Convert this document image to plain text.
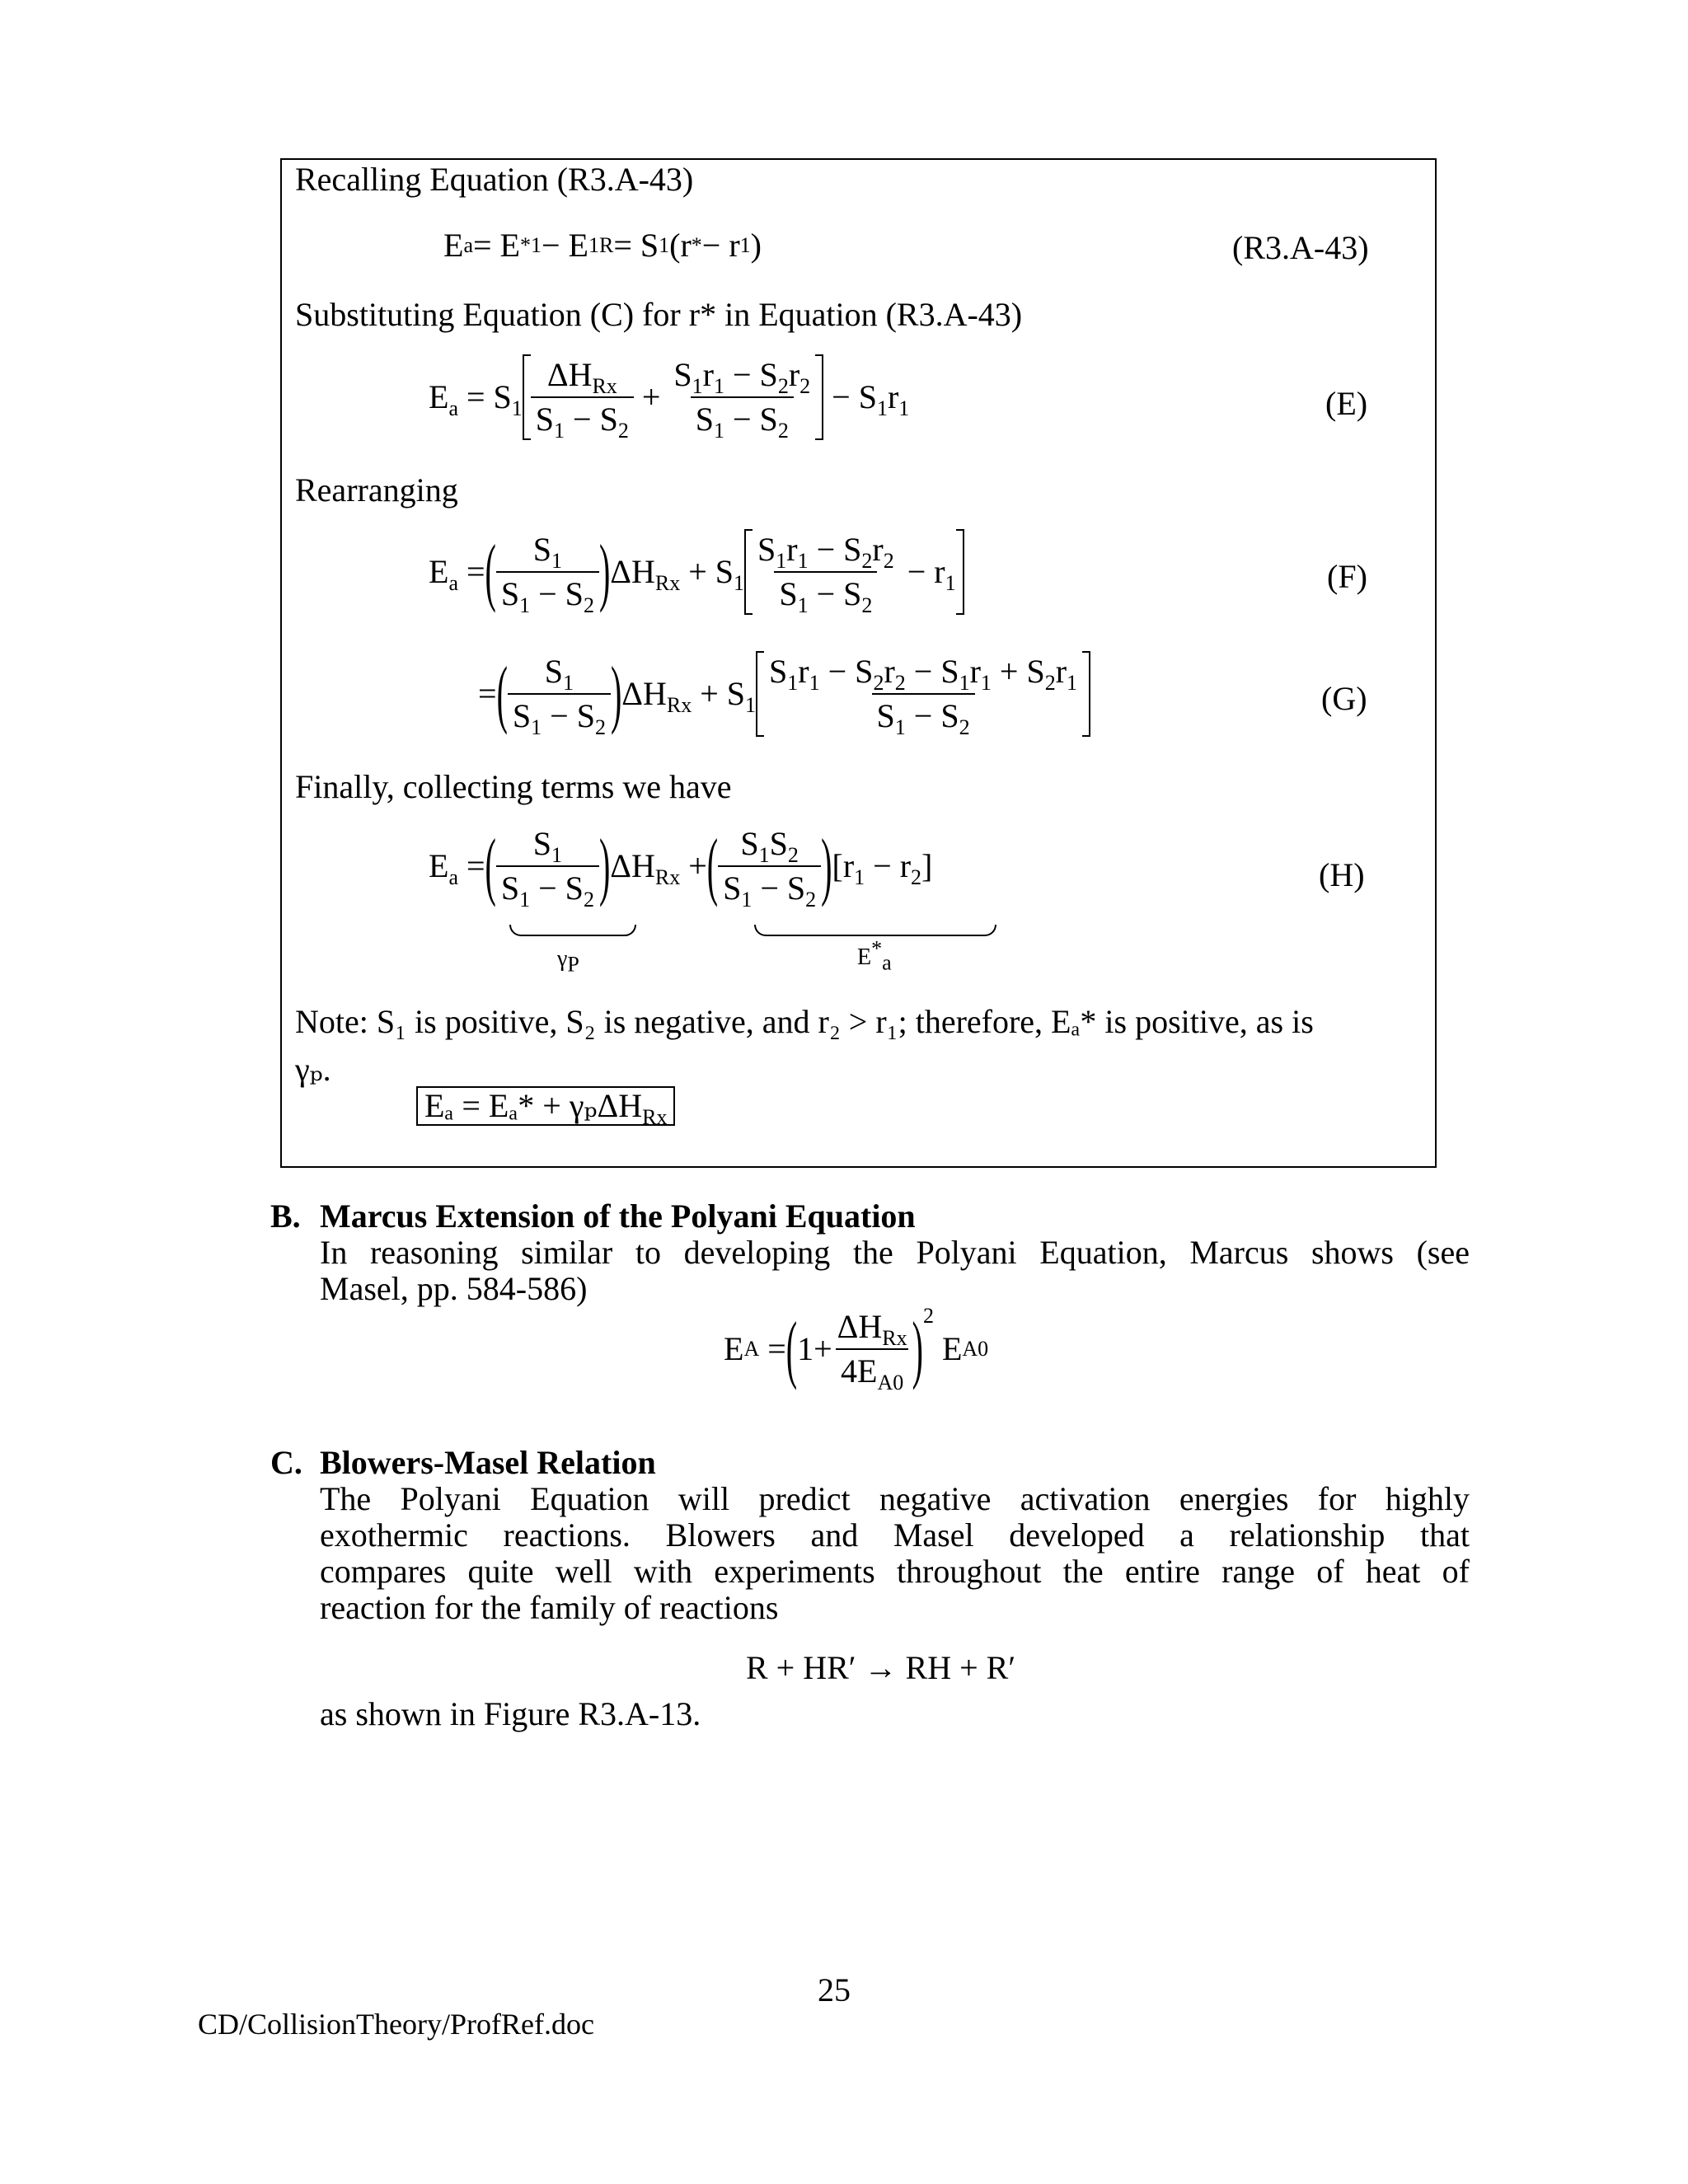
Recalling Equation (R3.A-43)
E a = E * 1 − E 1R = S 1 (r * − r 1 )	(R3.A-43)
Substituting Equation (C) for r* in Equation (R3.A-43)
$E_a = S_1 \frac{\Delta H_{Rx}}{S_1 - S_2} + \frac{S_1r_1 - S_2r_2}{S_1 - S_2} - S_1r_1$	(E)
Rearranging
$E_a$ = ( $\frac{S_1}{S_1 - S_2}$ ) $\Delta H_{Rx} + S_1 \frac{S_1r_1 - S_2r_2}{S_1 - S_2} - r_1$	(F)
= ( $\frac{S_1}{S_1 - S_2}$ ) $\Delta H_{Rx} + S_1 \frac{S_1r_1 - S_2r_2 - S_1r_1 + S_2r_1}{S_1 - S_2}$	(G)
Finally, collecting terms we have
$E_a$ = ( $\frac{S_1}{S_1 - S_2}$ ) $\Delta H_{Rx}$ + ( $\frac{S_1S_2}{S_1 - S_2}$ ) $[r_1 - r_2]$	(H)
$\gamma_P$	$E^*_a$
Note: S₁ is positive, S₂ is negative, and r₂ > r₁; therefore, Eₐ* is positive, as is
γₚ.
Eₐ = Eₐ* + γₚΔH$_{Rx}$
B. Marcus Extension of the Polyani Equation
In reasoning similar to developing the Polyani Equation, Marcus shows (see
Masel, pp. 584-586)
E A = ( $1+ \frac{\Delta H_{Rx}}{4E_{A0}} )^2$

E A0
C. Blowers-Masel Relation
The Polyani Equation will predict negative activation energies for highly
exothermic reactions. Blowers and Masel developed a relationship that
compares quite well with experiments throughout the entire range of heat of
reaction for the family of reactions
R + HR′ → RH + R′
as shown in Figure R3.A-13.
25
CD/CollisionTheory/ProfRef.doc
